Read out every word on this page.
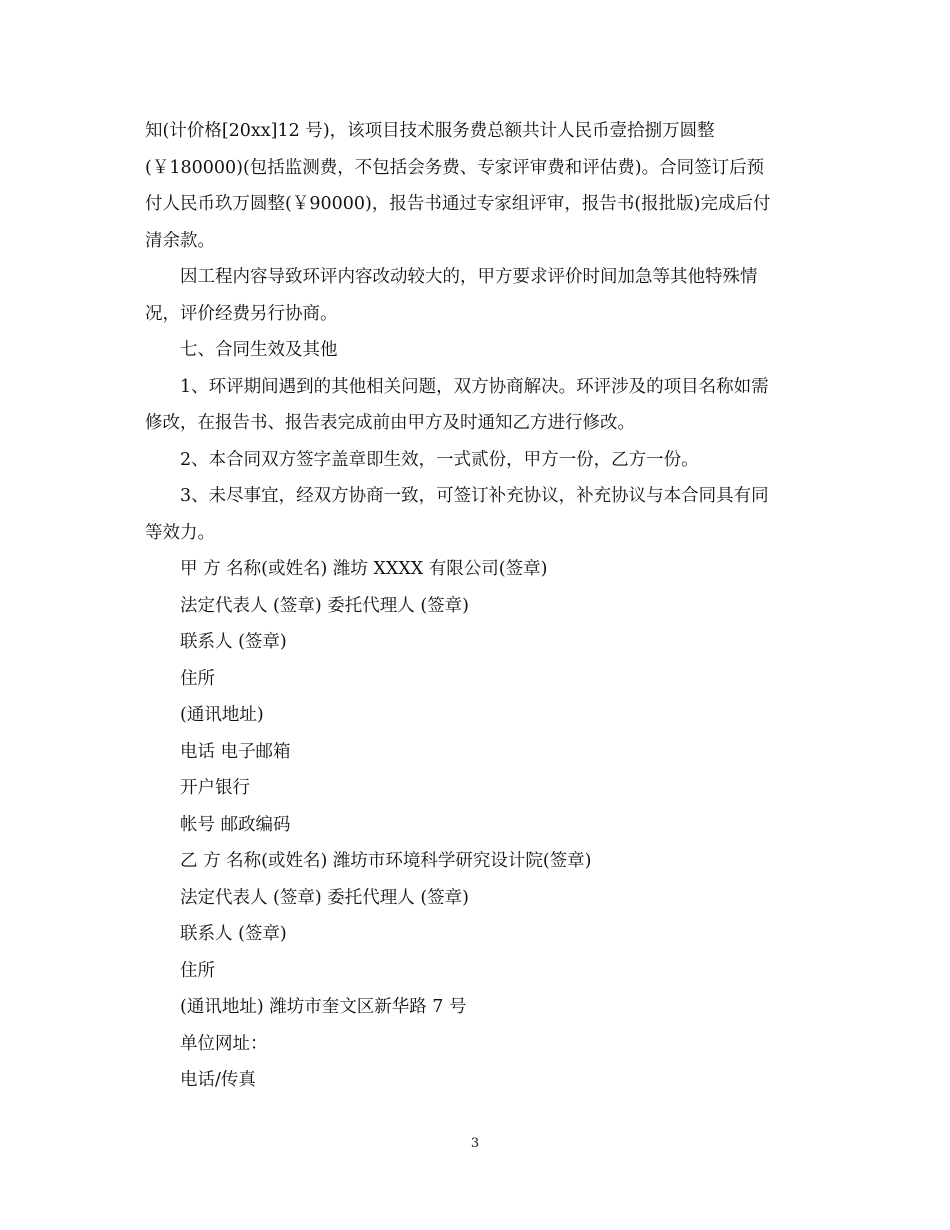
知(计价格[20xx]12 号)，该项目技术服务费总额共计人民币壹拾捌万圆整
(￥180000)(包括监测费，不包括会务费、专家评审费和评估费)。合同签订后预
付人民币玖万圆整(￥90000)，报告书通过专家组评审，报告书(报批版)完成后付
清余款。
因工程内容导致环评内容改动较大的，甲方要求评价时间加急等其他特殊情
况，评价经费另行协商。
七、合同生效及其他
1、环评期间遇到的其他相关问题，双方协商解决。环评涉及的项目名称如需
修改，在报告书、报告表完成前由甲方及时通知乙方进行修改。
2、本合同双方签字盖章即生效，一式贰份，甲方一份，乙方一份。
3、未尽事宜，经双方协商一致，可签订补充协议，补充协议与本合同具有同
等效力。
甲 方 名称(或姓名) 潍坊 XXXX 有限公司(签章)
法定代表人 (签章) 委托代理人 (签章)
联系人 (签章)
住所
(通讯地址)
电话 电子邮箱
开户银行
帐号 邮政编码
乙 方 名称(或姓名) 潍坊市环境科学研究设计院(签章)
法定代表人 (签章) 委托代理人 (签章)
联系人 (签章)
住所
(通讯地址) 潍坊市奎文区新华路 7 号
单位网址：
电话/传真
3
